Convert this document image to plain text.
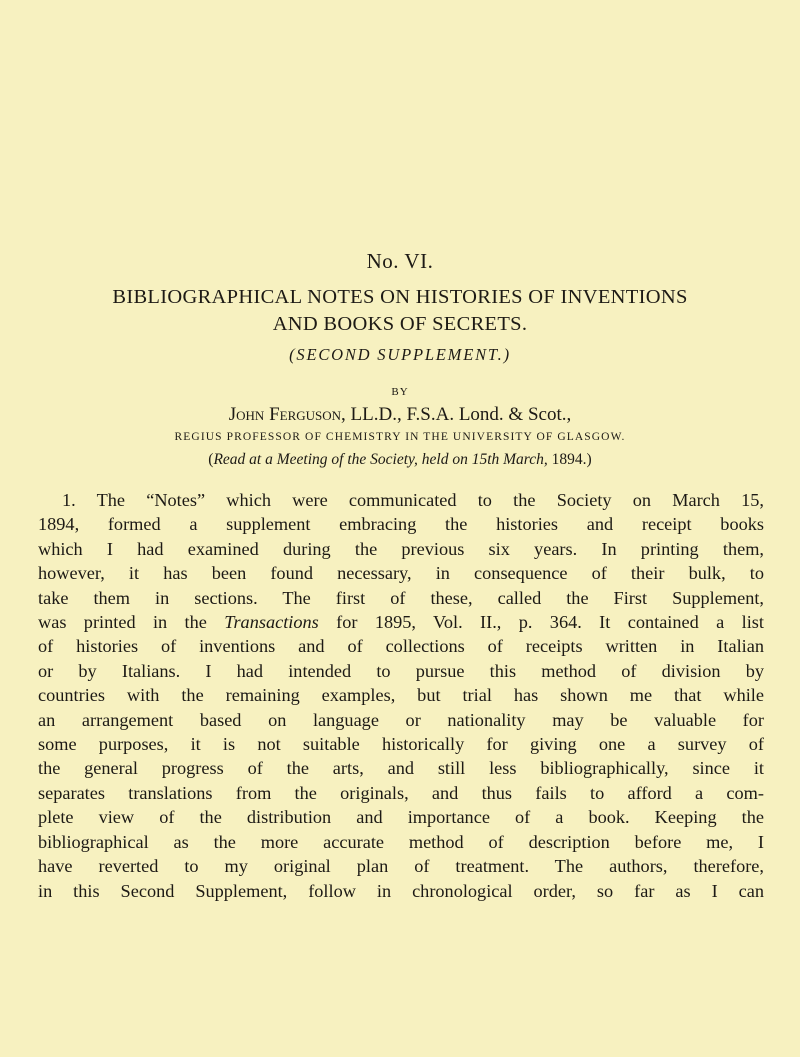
No. VI.
BIBLIOGRAPHICAL NOTES ON HISTORIES OF INVENTIONS
AND BOOKS OF SECRETS.
(SECOND SUPPLEMENT.)
BY
John Ferguson, LL.D., F.S.A. Lond. & Scot.,
REGIUS PROFESSOR OF CHEMISTRY IN THE UNIVERSITY OF GLASGOW.
(Read at a Meeting of the Society, held on 15th March, 1894.)
1. The “Notes” which were communicated to the Society on March 15,
1894, formed a supplement embracing the histories and receipt books
which I had examined during the previous six years. In printing them,
however, it has been found necessary, in consequence of their bulk, to
take them in sections. The first of these, called the First Supplement,
was printed in the Transactions for 1895, Vol. II., p. 364. It contained a list
of histories of inventions and of collections of receipts written in Italian
or by Italians. I had intended to pursue this method of division by
countries with the remaining examples, but trial has shown me that while
an arrangement based on language or nationality may be valuable for
some purposes, it is not suitable historically for giving one a survey of
the general progress of the arts, and still less bibliographically, since it
separates translations from the originals, and thus fails to afford a com-
plete view of the distribution and importance of a book. Keeping the
bibliographical as the more accurate method of description before me, I
have reverted to my original plan of treatment. The authors, therefore,
in this Second Supplement, follow in chronological order, so far as I can
